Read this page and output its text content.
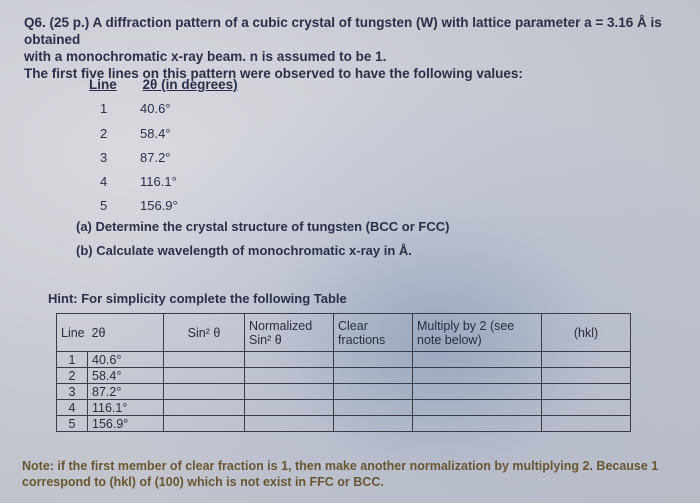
Q6. (25 p.) A diffraction pattern of a cubic crystal of tungsten (W) with lattice parameter a = 3.16 Å is obtained
with a monochromatic x-ray beam. n is assumed to be 1.
The first five lines on this pattern were observed to have the following values:
Line 2θ (in degrees)
1	40.6°
2	58.4°
3	87.2°
4	116.1°
5	156.9°
(a) Determine the crystal structure of tungsten (BCC or FCC)
(b) Calculate wavelength of monochromatic x-ray in Å.
Hint: For simplicity complete the following Table
Line 2θ		Sin² θ	Normalized Sin² θ	Clear fractions	Multiply by 2 (see note below)	(hkl)
1	40.6°					
2	58.4°					
3	87.2°					
4	116.1°					
5	156.9°					
Note: if the first member of clear fraction is 1, then make another normalization by multiplying 2. Because 1 correspond to (hkl) of (100) which is not exist in FFC or BCC.
